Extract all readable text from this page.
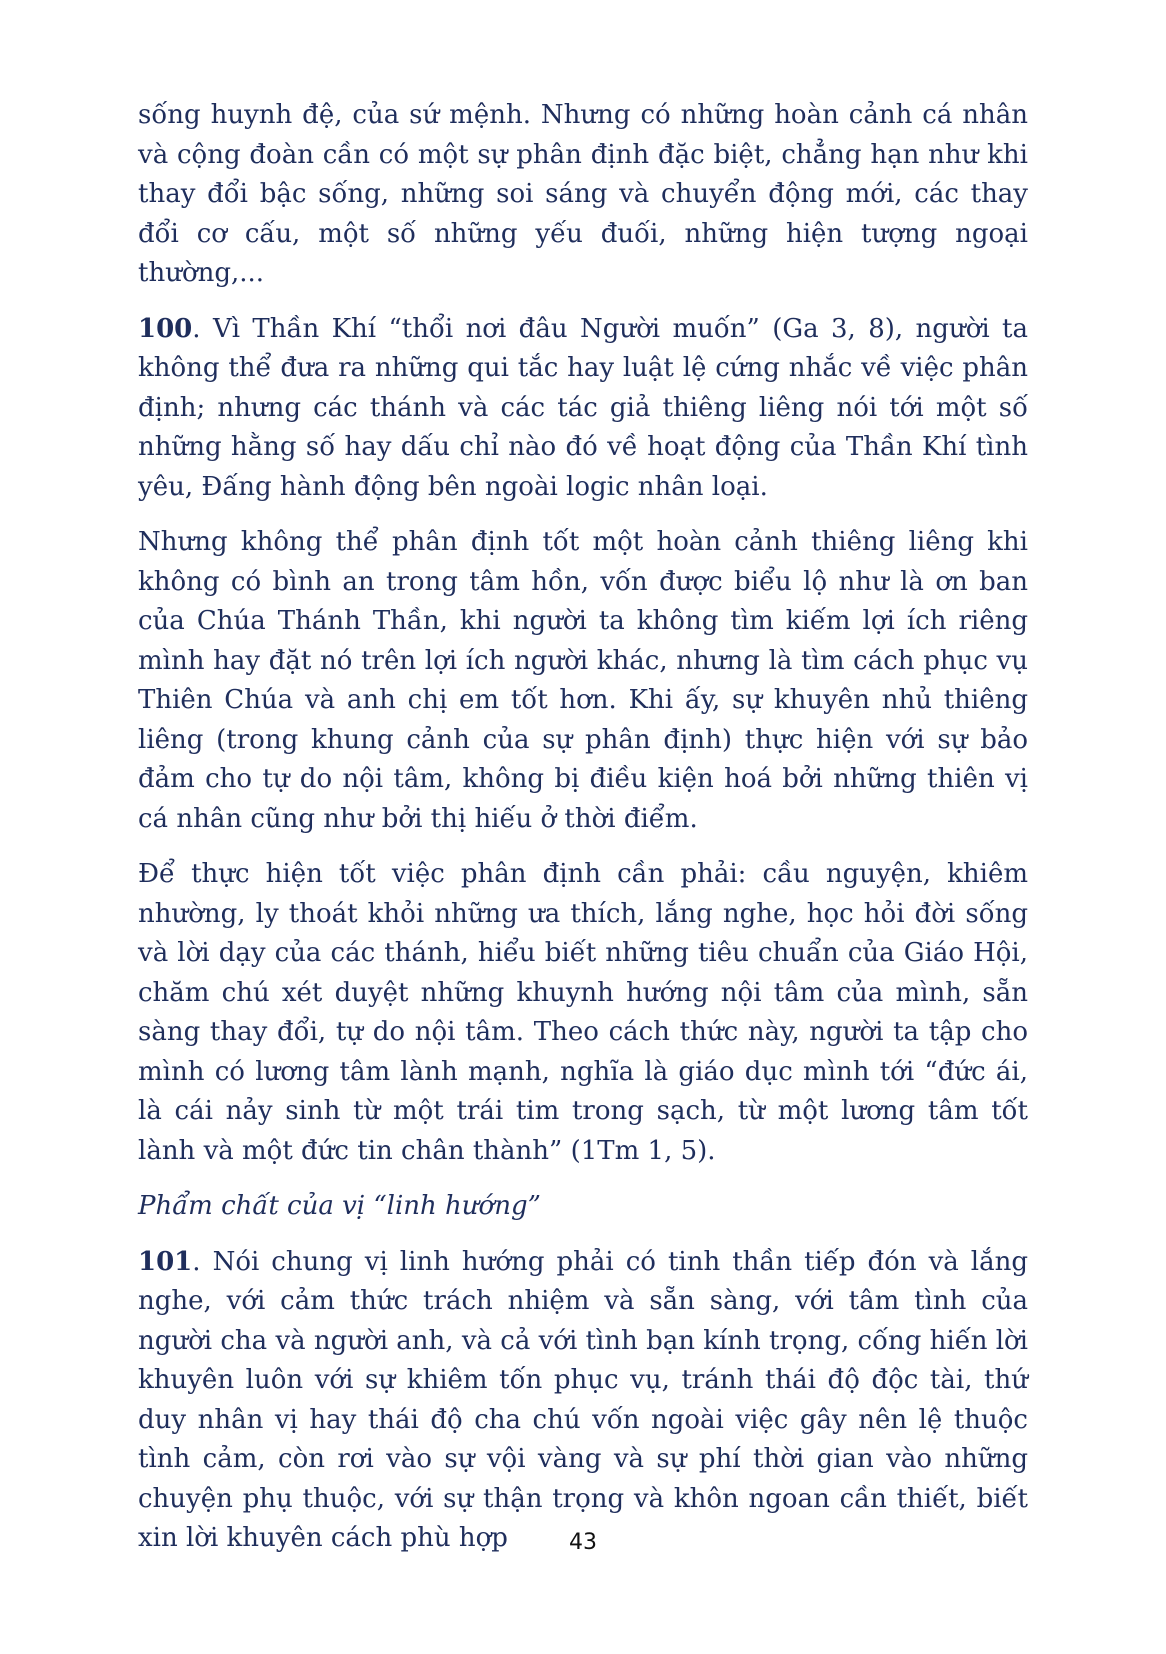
sống huynh đệ, của sứ mệnh. Nhưng có những hoàn cảnh cá nhân và cộng đoàn cần có một sự phân định đặc biệt, chẳng hạn như khi thay đổi bậc sống, những soi sáng và chuyển động mới, các thay đổi cơ cấu, một số những yếu đuối, những hiện tượng ngoại thường,...

100. Vì Thần Khí “thổi nơi đâu Người muốn” (Ga 3, 8), người ta không thể đưa ra những qui tắc hay luật lệ cứng nhắc về việc phân định; nhưng các thánh và các tác giả thiêng liêng nói tới một số những hằng số hay dấu chỉ nào đó về hoạt động của Thần Khí tình yêu, Đấng hành động bên ngoài logic nhân loại.

Nhưng không thể phân định tốt một hoàn cảnh thiêng liêng khi không có bình an trong tâm hồn, vốn được biểu lộ như là ơn ban của Chúa Thánh Thần, khi người ta không tìm kiếm lợi ích riêng mình hay đặt nó trên lợi ích người khác, nhưng là tìm cách phục vụ Thiên Chúa và anh chị em tốt hơn. Khi ấy, sự khuyên nhủ thiêng liêng (trong khung cảnh của sự phân định) thực hiện với sự bảo đảm cho tự do nội tâm, không bị điều kiện hoá bởi những thiên vị cá nhân cũng như bởi thị hiếu ở thời điểm.

Để thực hiện tốt việc phân định cần phải: cầu nguyện, khiêm nhường, ly thoát khỏi những ưa thích, lắng nghe, học hỏi đời sống và lời dạy của các thánh, hiểu biết những tiêu chuẩn của Giáo Hội, chăm chú xét duyệt những khuynh hướng nội tâm của mình, sẵn sàng thay đổi, tự do nội tâm. Theo cách thức này, người ta tập cho mình có lương tâm lành mạnh, nghĩa là giáo dục mình tới “đức ái, là cái nảy sinh từ một trái tim trong sạch, từ một lương tâm tốt lành và một đức tin chân thành” (1Tm 1, 5).

Phẩm chất của vị “linh hướng”

101. Nói chung vị linh hướng phải có tinh thần tiếp đón và lắng nghe, với cảm thức trách nhiệm và sẵn sàng, với tâm tình của người cha và người anh, và cả với tình bạn kính trọng, cống hiến lời khuyên luôn với sự khiêm tốn phục vụ, tránh thái độ độc tài, thứ duy nhân vị hay thái độ cha chú vốn ngoài việc gây nên lệ thuộc tình cảm, còn rơi vào sự vội vàng và sự phí thời gian vào những chuyện phụ thuộc, với sự thận trọng và khôn ngoan cần thiết, biết xin lời khuyên cách phù hợp	43
